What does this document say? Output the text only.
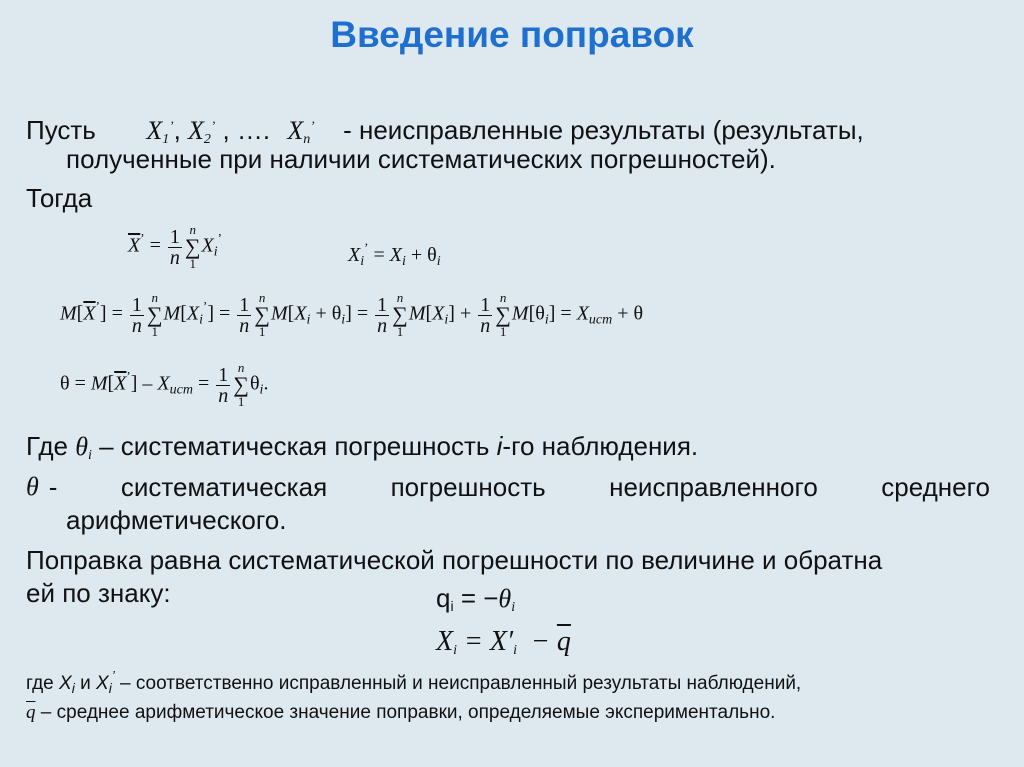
Введение поправок
Пусть $X_1^’$, $X_2^’$ , …. $X_n^’$ - неисправленные результаты (результаты,
полученные при наличии систематических погрешностей).
Тогда
$\overline{X}^’ = \frac{1}{n}$ n
∑
1
$X_i^’$
$X_i^’ = X_i + \theta_i$
$M[\overline{X}^’] = \frac{1}{n}$ n
∑
1
$M[X_i^’] = \frac{1}{n}$ n
∑
1
$M[X_i + \theta_i] = \frac{1}{n}$ n
∑
1
$M[X_i] + \frac{1}{n}$ n
∑
1
$M[\theta_i] = X_{ист} + \theta$
$\theta = M[\overline{X}^’] - X_{ист} = \frac{1}{n}$ n
∑
1
$\theta_i$.
Где $\theta_i$ – систематическая погрешность i-го наблюдения.
θ - систематическая погрешность неисправленного среднего
арифметического.
Поправка равна систематической погрешности по величине и обратна
ей по знаку:	$q_i = -\theta_i$
$X_i = X'_i - \overline{q}$
где $X_i$ и $X_i^’$ – соответственно исправленный и неисправленный результаты наблюдений,
$\overline{q}$ – среднее арифметическое значение поправки, определяемые экспериментально.
